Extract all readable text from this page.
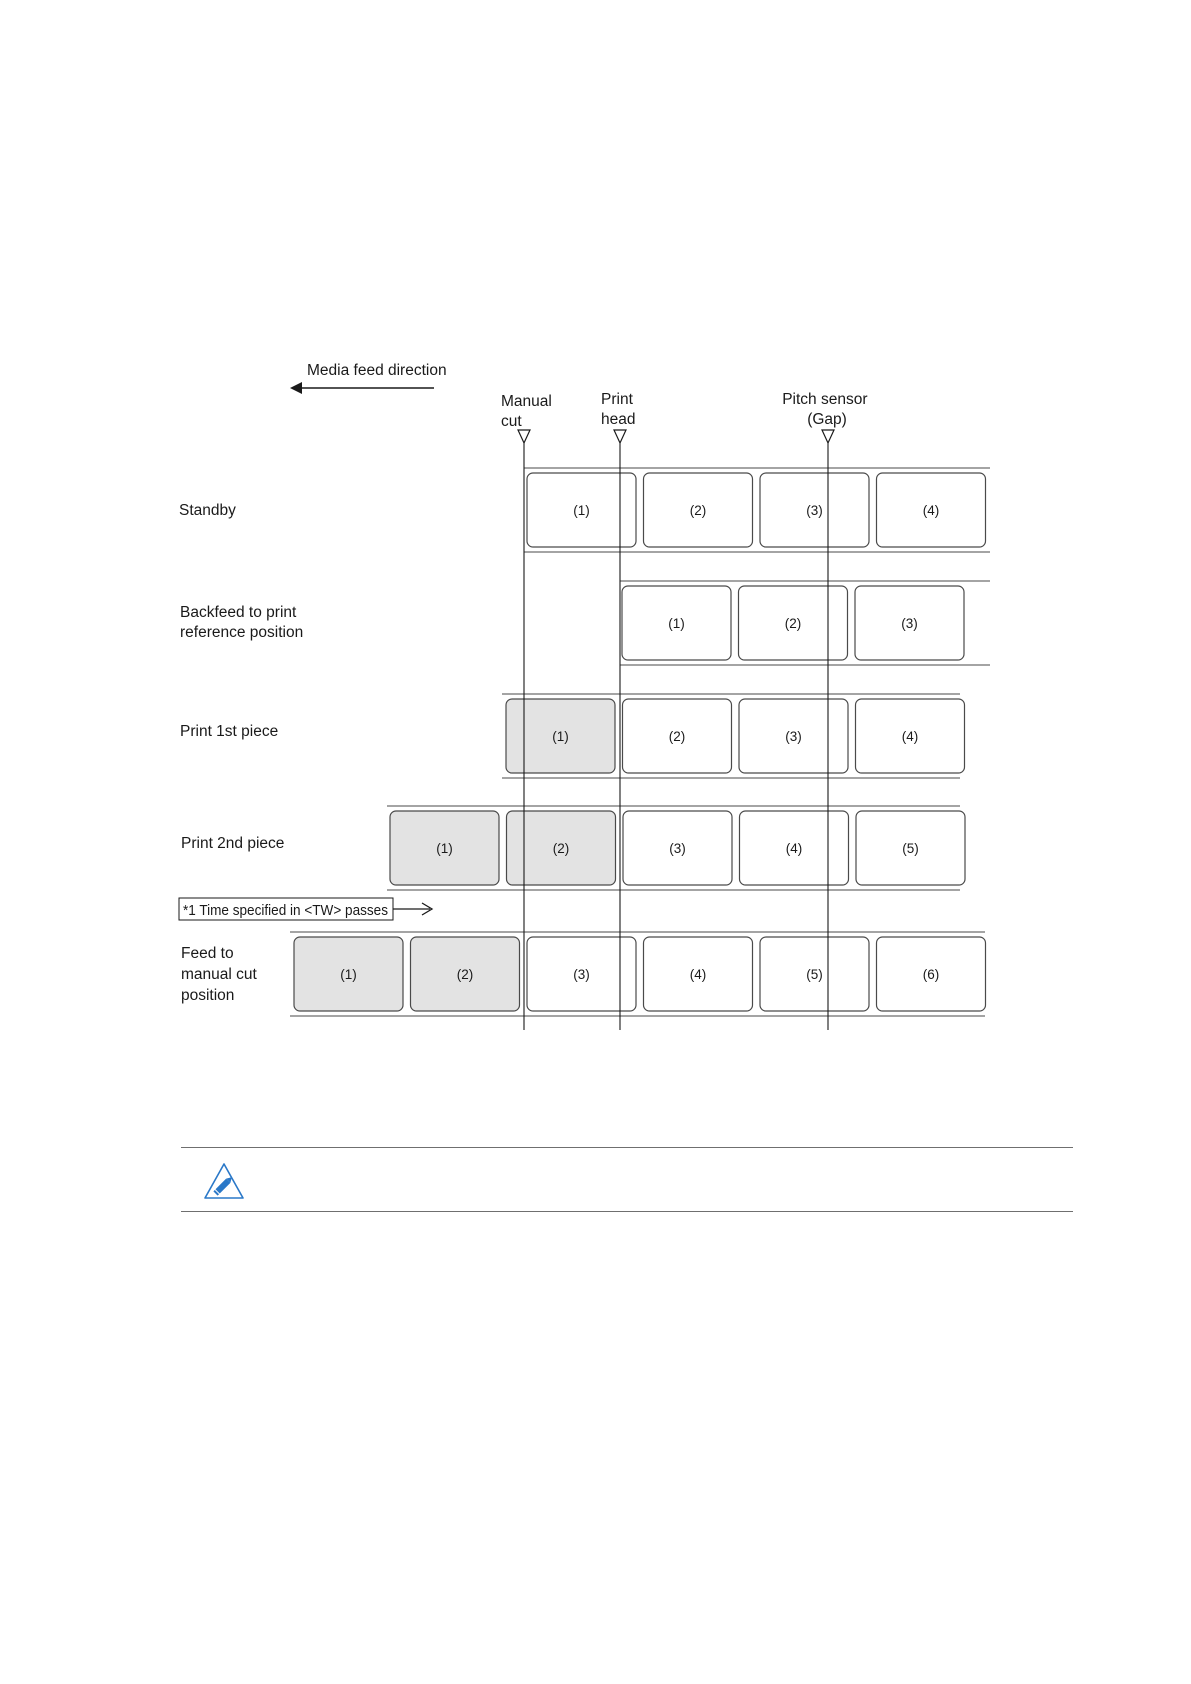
Media feed direction
Manual cut
Print head
Pitch sensor (Gap)
Standby
Backfeed to print reference position
Print 1st piece
Print 2nd piece
Feed to manual cut position
*1 Time specified in <TW> passes
(1)	(2)	(3)	(4)
(1)	(2)	(3)
(1)	(2)	(3)	(4)
(1)	(2)	(3)	(4)	(5)
(1)	(2)	(3)	(4)	(5)	(6)
